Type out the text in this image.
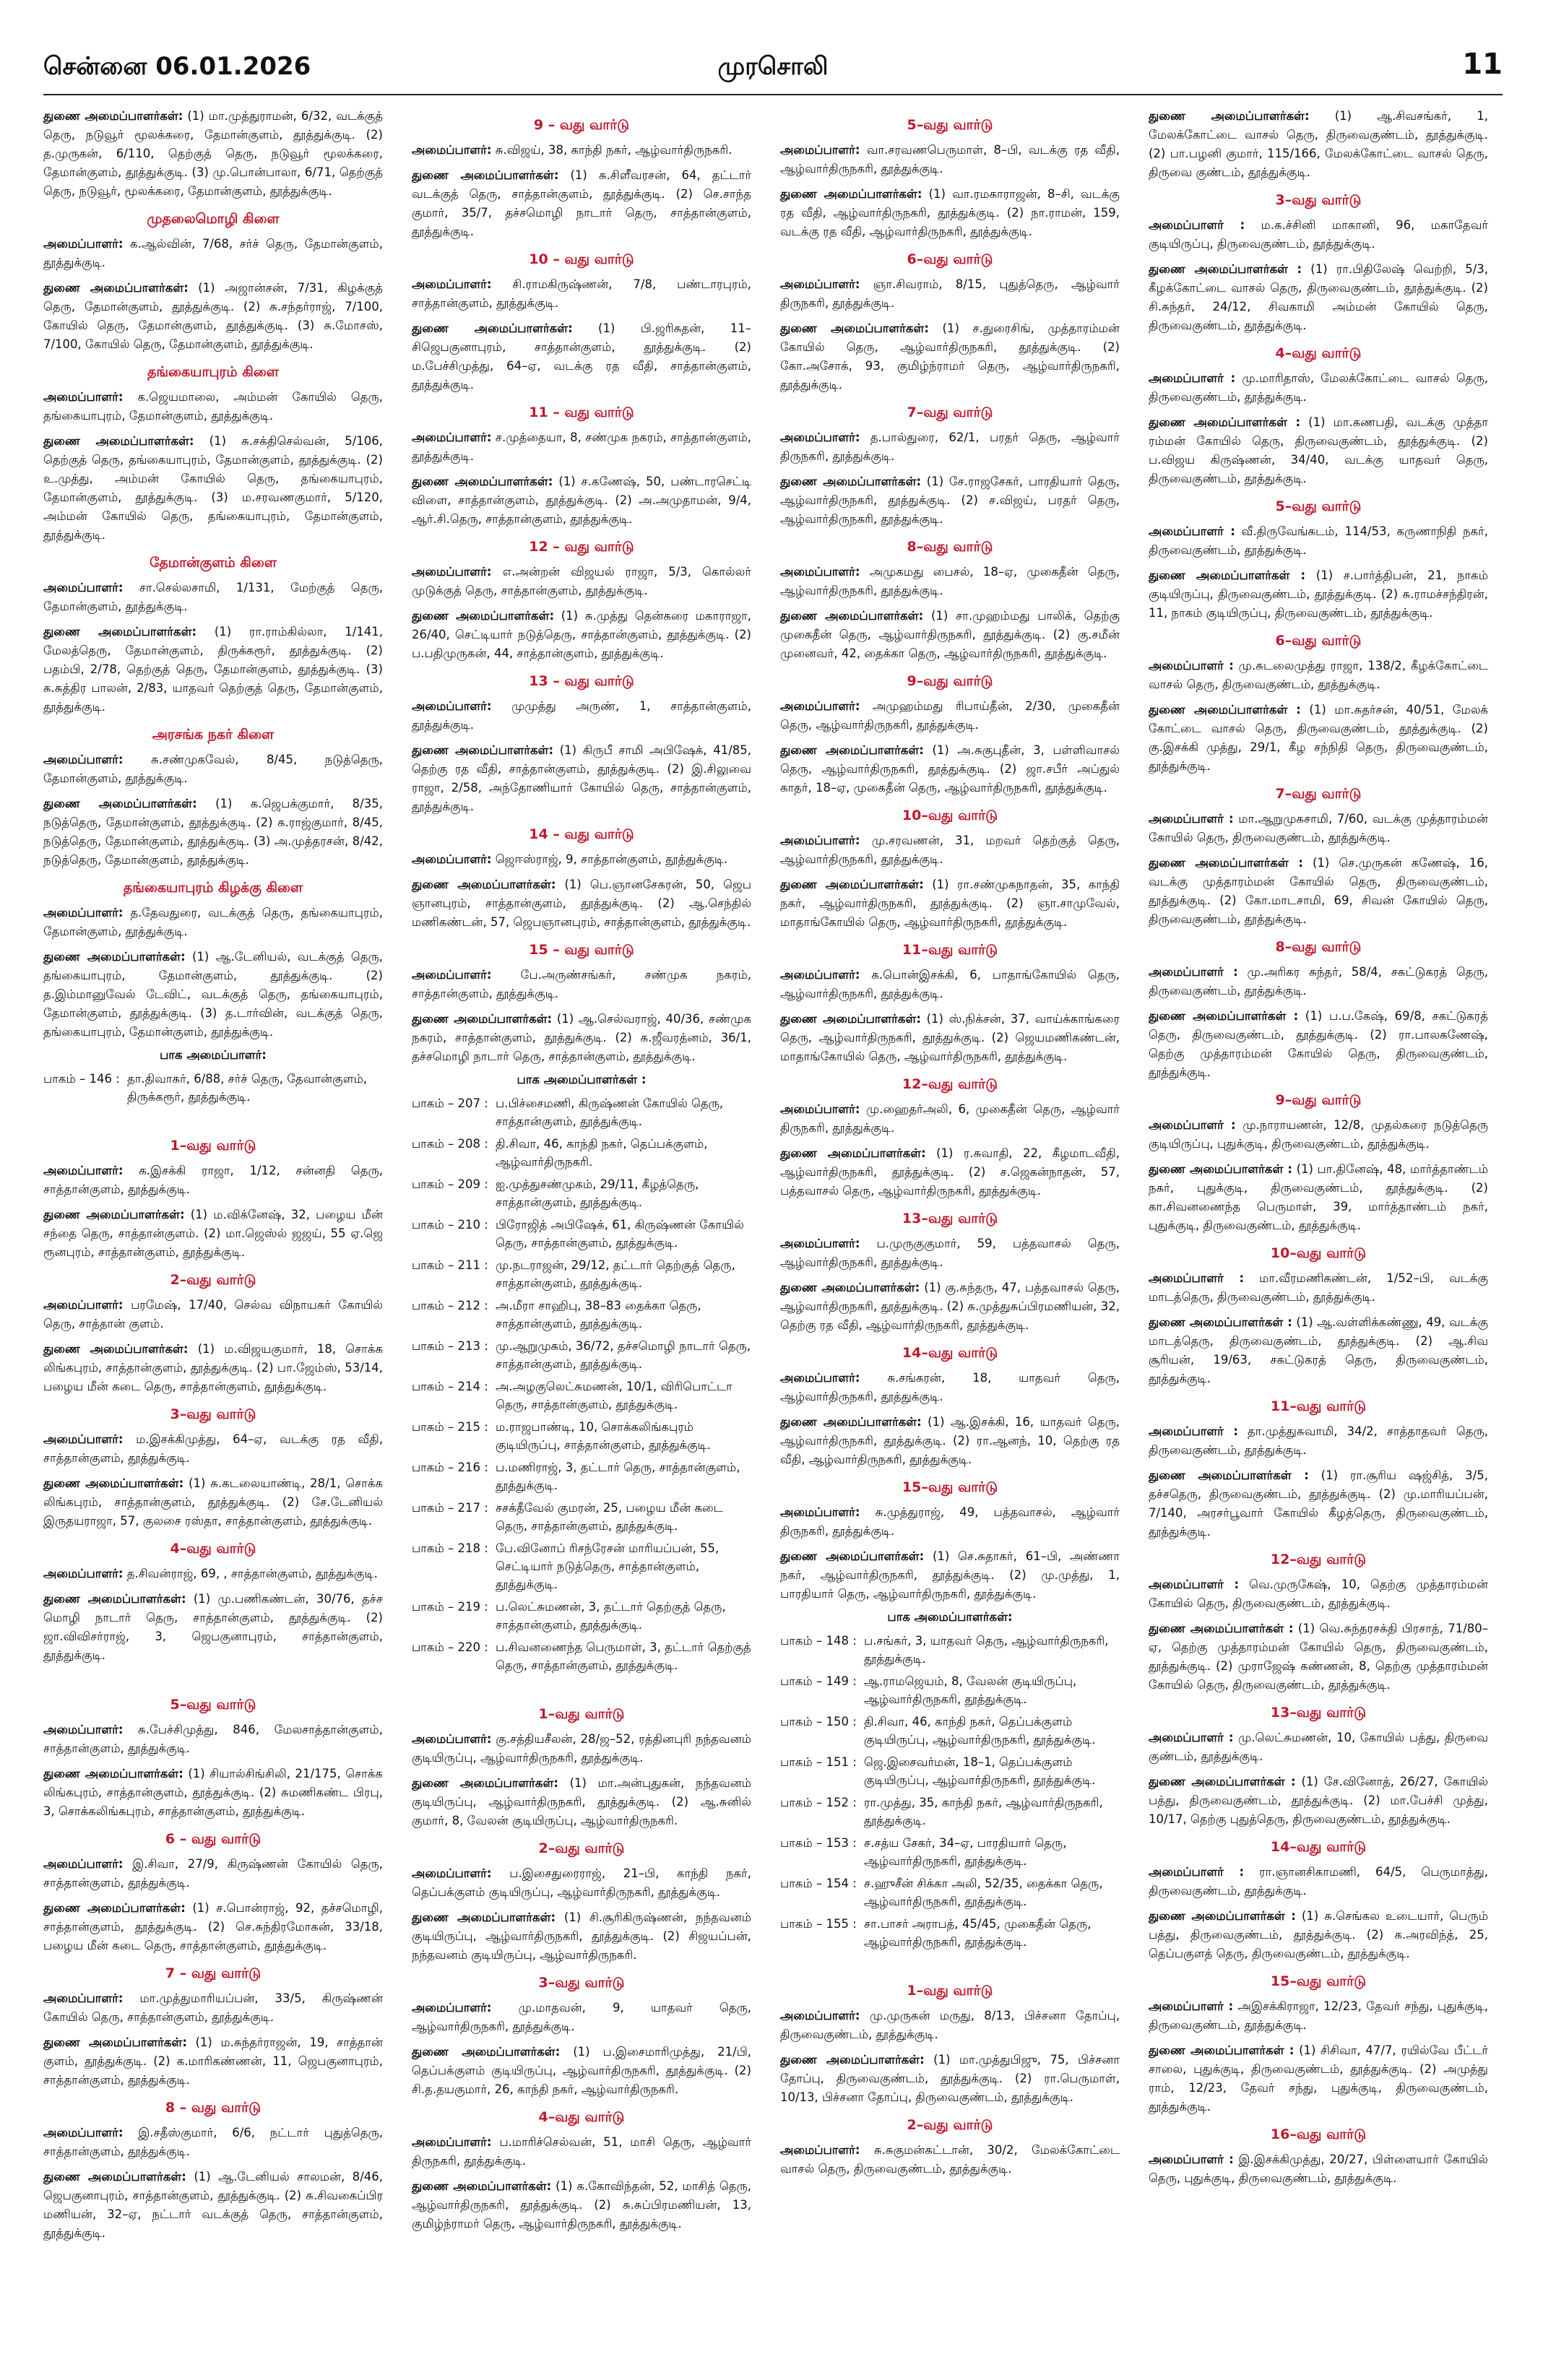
சென்னை 06.01.2026	முரசொலி	11
துணை அமைப்பாளர்கள்: (1) மா.முத்துராமன், 6/32, வடக்குத் தெரு, நடுவூர் மூலக்கரை, தேமான்குளம், தூத்துக்குடி. (2) த.முருகன், 6/110, தெற்குத் தெரு, நடுவூர் மூலக்கரை, தேமான்குளம், தூத்துக்குடி. (3) மு.பொன்பாலா, 6/71, தெற்குத் தெரு, நடுவூர், மூலக்கரை, தேமான்குளம், தூத்துக்குடி.
முதலைமொழி கிளை
அமைப்பாளர்: க.ஆல்வின், 7/68, சர்ச் தெரு, தேமான்குளம், தூத்துக்குடி.
துணை அமைப்பாளர்கள்: (1) அஜான்சன், 7/31, கிழக்குத் தெரு, தேமான்குளம், தூத்துக்குடி. (2) சு.சந்தர்ராஜ், 7/100, கோயில் தெரு, தேமான்குளம், தூத்துக்குடி. (3) சு.மோசஸ், 7/100, கோயில் தெரு, தேமான்குளம், தூத்துக்குடி.
தங்கையாபுரம் கிளை
அமைப்பாளர்: க.ஜெயமாலை, அம்மன் கோயில் தெரு, தங்கையாபுரம், தேமான்குளம், தூத்துக்குடி.
துணை அமைப்பாளர்கள்: (1) சு.சக்திசெல்வன், 5/106, தெற்குத் தெரு, தங்கையாபுரம், தேமான்குளம், தூத்துக்குடி. (2) உ.முத்து, அம்மன் கோயில் தெரு, தங்கையாபுரம், தேமான்குளம், தூத்துக்குடி. (3) ம.சரவணகுமார், 5/120, அம்மன் கோயில் தெரு, தங்கையாபுரம், தேமான்குளம், தூத்துக்குடி.
தேமான்குளம் கிளை
அமைப்பாளர்: சா.செல்லசாமி, 1/131, மேற்குத் தெரு, தேமான்குளம், தூத்துக்குடி.
துணை அமைப்பாளர்கள்: (1) ரா.ராம்கில்லா, 1/141, மேலத்தெரு, தேமான்குளம், திருக்கரூர், தூத்துக்குடி. (2) பதம்பி, 2/78, தெற்குத் தெரு, தேமான்குளம், தூத்துக்குடி. (3) க.சுத்திர பாலன், 2/83, யாதவர் தெற்குத் தெரு, தேமான்குளம், தூத்துக்குடி.
அரசங்க நகர் கிளை
அமைப்பாளர்: சு.சண்முகவேல், 8/45, நடுத்தெரு, தேமான்குளம், தூத்துக்குடி.
துணை அமைப்பாளர்கள்: (1) க.ஜெபக்குமார், 8/35, நடுத்தெரு, தேமான்குளம், தூத்துக்குடி. (2) க.ராஜ்குமார், 8/45, நடுத்தெரு, தேமான்குளம், தூத்துக்குடி. (3) அ.முத்தரசன், 8/42, நடுத்தெரு, தேமான்குளம், தூத்துக்குடி.
தங்கையாபுரம் கிழக்கு கிளை
அமைப்பாளர்: த.தேவதுரை, வடக்குத் தெரு, தங்கையாபுரம், தேமான்குளம், தூத்துக்குடி.
துணை அமைப்பாளர்கள்: (1) ஆ.டேனியல், வடக்குத் தெரு, தங்கையாபுரம், தேமான்குளம், தூத்துக்குடி. (2) த.இம்மானுவேல் டேவிட், வடக்குத் தெரு, தங்கையாபுரம், தேமான்குளம், தூத்துக்குடி. (3) த.டார்வின், வடக்குத் தெரு, தங்கையாபுரம், தேமான்குளம், தூத்துக்குடி.
பாக அமைப்பாளர்:
பாகம் – 146 : தா.திவாகர், 6/88, சர்ச் தெரு, தேவான்குளம், திருக்கரூர், தூத்துக்குடி.
1–வது வார்டு
அமைப்பாளர்: க.இசக்கி ராஜா, 1/12, சன்னதி தெரு, சாத்தான்குளம், தூத்துக்குடி.
துணை அமைப்பாளர்கள்: (1) ம.விக்னேஷ், 32, பழைய மீன் சந்தை தெரு, சாத்தான்குளம். (2) மா.ஜெஸ்ல் ஜஜய், 55 ஏ.ஜெ ரூனபுரம், சாத்தான்குளம், தூத்துக்குடி.
2–வது வார்டு
அமைப்பாளர்: பரமேஷ், 17/40, செல்வ விநாயகர் கோயில் தெரு, சாத்தான் குளம்.
துணை அமைப்பாளர்கள்: (1) ம.விஜயகுமார், 18, சொக்க லிங்கபுரம், சாத்தான்குளம், தூத்துக்குடி. (2) பா.ஜேம்ஸ், 53/14, பழைய மீன் கடை தெரு, சாத்தான்குளம், தூத்துக்குடி.
3–வது வார்டு
அமைப்பாளர்: ம.இசக்கிமுத்து, 64–ஏ, வடக்கு ரத வீதி, சாத்தான்குளம், தூத்துக்குடி.
துணை அமைப்பாளர்கள்: (1) சு.கடலையாண்டி, 28/1, சொக்க லிங்கபுரம், சாத்தான்குளம், தூத்துக்குடி. (2) சே.டேனியல் இருதயராஜா, 57, குலசை ரஸ்தா, சாத்தான்குளம், தூத்துக்குடி.
4–வது வார்டு
அமைப்பாளர்: த.சிவன்ராஜ், 69, , சாத்தான்குளம், தூத்துக்குடி.
துணை அமைப்பாளர்கள்: (1) மு.பணிகண்டன், 30/76, தச்ச மொழி நாடார் தெரு, சாத்தான்குளம், தூத்துக்குடி. (2) ஜா.விவிசர்ராஜ், 3, ஜெபகுனாபுரம், சாத்தான்குளம், தூத்துக்குடி.
5–வது வார்டு
அமைப்பாளர்: சு.பேச்சிமுத்து, 846, மேலசாத்தான்குளம், சாத்தான்குளம், தூத்துக்குடி.
துணை அமைப்பாளர்கள்: (1) சியால்சிங்சிலி, 21/175, சொக்க லிங்கபுரம், சாத்தான்குளம், தூத்துக்குடி. (2) சுமணிகண்ட பிரபு, 3, சொக்கலிங்கபுரம், சாத்தான்குளம், தூத்துக்குடி.
6 – வது வார்டு
அமைப்பாளர்: இ.சிவா, 27/9, கிருஷ்ணன் கோயில் தெரு, சாத்தான்குளம், தூத்துக்குடி.
துணை அமைப்பாளர்கள்: (1) ச.பொன்ராஜ், 92, தச்சமொழி, சாத்தான்குளம், தூத்துக்குடி. (2) செ.சுந்திரமோகன், 33/18, பழைய மீன் கடை தெரு, சாத்தான்குளம், தூத்துக்குடி.
7 – வது வார்டு
அமைப்பாளர்: மா.முத்துமாரியப்பன், 33/5, கிருஷ்ணன் கோயில் தெரு, சாத்தான்குளம், தூத்துக்குடி.
துணை அமைப்பாளர்கள்: (1) ம.சுந்தர்ராஜன், 19, சாத்தான் குளம், தூத்துக்குடி. (2) க.மாரிகண்ணன், 11, ஜெபகுனாபுரம், சாத்தான்குளம், தூத்துக்குடி.
8 – வது வார்டு
அமைப்பாளர்: இ.சதீஸ்குமார், 6/6, நட்டார் புதுத்தெரு, சாத்தான்குளம், தூத்துக்குடி.
துணை அமைப்பாளர்கள்: (1) ஆ.டேனியல் சாலமன், 8/46, ஜெபகுனாபுரம், சாத்தான்குளம், தூத்துக்குடி. (2) சு.சிவகைப்பிர மணியன், 32–ஏ, நட்டார் வடக்குத் தெரு, சாத்தான்குளம், தூத்துக்குடி.
9 – வது வார்டு
அமைப்பாளர்: சு.விஜய், 38, காந்தி நகர், ஆழ்வார்திருநகரி.
துணை அமைப்பாளர்கள்: (1) சு.சிளீவரசன், 64, தட்டார் வடக்குத் தெரு, சாத்தான்குளம், தூத்துக்குடி. (2) செ.சாந்த குமார், 35/7, தச்சமொழி நாடார் தெரு, சாத்தான்குளம், தூத்துக்குடி.
10 – வது வார்டு
அமைப்பாளர்: சி.ராமகிருஷ்ணன், 7/8, பண்டாரபுரம், சாத்தான்குளம், தூத்துக்குடி.
துணை அமைப்பாளர்கள்: (1) பி.ஜரிசுதன், 11–சிஜெபகுனாபுரம், சாத்தான்குளம், தூத்துக்குடி. (2) ம.பேச்சிமுத்து, 64–ஏ, வடக்கு ரத வீதி, சாத்தான்குளம், தூத்துக்குடி.
11 – வது வார்டு
அமைப்பாளர்: ச.முத்தையா, 8, சண்முக நகரம், சாத்தான்குளம், தூத்துக்குடி.
துணை அமைப்பாளர்கள்: (1) ச.கணேஷ், 50, பண்டாரசெட்டி விளை, சாத்தான்குளம், தூத்துக்குடி. (2) அ.அமுதாமன், 9/4, ஆர்.சி.தெரு, சாத்தான்குளம், தூத்துக்குடி.
12 – வது வார்டு
அமைப்பாளர்: எ.அன்றன் விஜயல் ராஜா, 5/3, கொல்லர் முடுக்குத் தெரு, சாத்தான்குளம், தூத்துக்குடி.
துணை அமைப்பாளர்கள்: (1) சு.முத்து தென்கரை மகாராஜா, 26/40, செட்டியார் நடுத்தெரு, சாத்தான்குளம், தூத்துக்குடி. (2) ப.பதிமுருகன், 44, சாத்தான்குளம், தூத்துக்குடி.
13 – வது வார்டு
அமைப்பாளர்: முமுத்து அருண், 1, சாத்தான்குளம், தூத்துக்குடி.
துணை அமைப்பாளர்கள்: (1) கிருபீ சாமி அபிஷேக், 41/85, தெற்கு ரத வீதி, சாத்தான்குளம், தூத்துக்குடி. (2) இ.சிலுவை ராஜா, 2/58, அந்தோணியார் கோயில் தெரு, சாத்தான்குளம், தூத்துக்குடி.
14 – வது வார்டு
அமைப்பாளர்: ஜெஈஸ்ராஜ், 9, சாத்தான்குளம், தூத்துக்குடி.
துணை அமைப்பாளர்கள்: (1) பெ.ஞானசேகரன், 50, ஜெப ஞானபுரம், சாத்தான்குளம், தூத்துக்குடி. (2) ஆ.செந்தில் மணிகண்டன், 57, ஜெபஞானபுரம், சாத்தான்குளம், தூத்துக்குடி.
15 – வது வார்டு
அமைப்பாளர்: பே.அருண்சங்கர், சண்முக நகரம், சாத்தான்குளம், தூத்துக்குடி.
துணை அமைப்பாளர்கள்: (1) ஆ.செல்வராஜ், 40/36, சண்முக நகரம், சாத்தான்குளம், தூத்துக்குடி. (2) க.ஜீவரத்னம், 36/1, தச்சமொழி நாடார் தெரு, சாத்தான்குளம், தூத்துக்குடி.
பாக அமைப்பாளர்கள் :
பாகம் – 207 : ப.பிச்சைமணி, கிருஷ்ணன் கோயில் தெரு, சாத்தான்குளம், தூத்துக்குடி.
பாகம் – 208 : தி.சிவா, 46, காந்தி நகர், தெப்பக்குளம், ஆழ்வார்திருநகரி.
பாகம் – 209 : ஐ.முத்துசண்முகம், 29/11, கீழத்தெரு, சாத்தான்குளம், தூத்துக்குடி.
பாகம் – 210 : பிரோஜித் அபிஷேக், 61, கிருஷ்ணன் கோயில் தெரு, சாத்தான்குளம், தூத்துக்குடி.
பாகம் – 211 : மு.நடராஜன், 29/12, தட்டார் தெற்குத் தெரு, சாத்தான்குளம், தூத்துக்குடி.
பாகம் – 212 : அ.மீரா சாஹிபு, 38–83 தைக்கா தெரு, சாத்தான்குளம், தூத்துக்குடி.
பாகம் – 213 : மு.ஆறுமுகம், 36/72, தச்சமொழி நாடார் தெரு, சாத்தான்குளம், தூத்துக்குடி.
பாகம் – 214 : அ.அழகுலெட்சுமணன், 10/1, விரிபொட்டா தெரு, சாத்தான்குளம், தூத்துக்குடி.
பாகம் – 215 : ம.ராஜபாண்டி, 10, சொக்கலிங்கபுரம் குடியிருப்பு, சாத்தான்குளம், தூத்துக்குடி.
பாகம் – 216 : ப.மணிராஜ், 3, தட்டார் தெரு, சாத்தான்குளம், தூத்துக்குடி.
பாகம் – 217 : சசக்தீவேல் குமரன், 25, பழைய மீன் கடை தெரு, சாத்தான்குளம், தூத்துக்குடி.
பாகம் – 218 : பே.வினோப் ரிசந்ரேசன் மாரியப்பன், 55, செட்டியார் நடுத்தெரு, சாத்தான்குளம், தூத்துக்குடி.
பாகம் – 219 : ப.லெட்சுமணன், 3, தட்டார் தெற்குத் தெரு, சாத்தான்குளம், தூத்துக்குடி.
பாகம் – 220 : ப.சிவனணைந்த பெருமாள், 3, தட்டார் தெற்குத் தெரு, சாத்தான்குளம், தூத்துக்குடி.
1–வது வார்டு
அமைப்பாளர்: கு.சத்தியசீலன், 28/ஜ–52, ரத்தினபுரி நந்தவனம் குடியிருப்பு, ஆழ்வார்திருநகரி, தூத்துக்குடி.
துணை அமைப்பாளர்கள்: (1) மா.அன்புதுகன், நந்தவனம் குடியிருப்பு, ஆழ்வார்திருநகரி, தூத்துக்குடி. (2) ஆ.சுனில் குமார், 8, வேலன் குடியிருப்பு, ஆழ்வார்திருநகரி.
2–வது வார்டு
அமைப்பாளர்: ப.இசைதுரைராஜ், 21–பி, காந்தி நகர், தெப்பக்குளம் குடியிருப்பு, ஆழ்வார்திருநகரி, தூத்துக்குடி.
துணை அமைப்பாளர்கள்: (1) சி.சூரிகிருஷ்ணன், நந்தவனம் குடியிருப்பு, ஆழ்வார்திருநகரி, தூத்துக்குடி. (2) சிஜயப்பன், நந்தவனம் குடியிருப்பு, ஆழ்வார்திருநகரி.
3–வது வார்டு
அமைப்பாளர்: மு.மாதவன், 9, யாதவர் தெரு, ஆழ்வார்திருநகரி, தூத்துக்குடி.
துணை அமைப்பாளர்கள்: (1) ப.இசைமாரிமுத்து, 21/பி, தெப்பக்குளம் குடியிருப்பு, ஆழ்வார்திருநகரி, தூத்துக்குடி. (2) சி.த.தயகுமார், 26, காந்தி நகர், ஆழ்வார்திருநகரி.
4–வது வார்டு
அமைப்பாளர்: ப.மாரிச்செல்வன், 51, மாசி தெரு, ஆழ்வார் திருநகரி, தூத்துக்குடி.
துணை அமைப்பாளர்கள்: (1) க.கோவிந்தன், 52, மாசித் தெரு, ஆழ்வார்திருநகரி, தூத்துக்குடி. (2) சு.சுப்பிரமணியன், 13, குமிழ்ந்ராமர் தெரு, ஆழ்வார்திருநகரி, தூத்துக்குடி.
5–வது வார்டு
அமைப்பாளர்: வா.சரவணபெருமாள், 8–பி, வடக்கு ரத வீதி, ஆழ்வார்திருநகரி, தூத்துக்குடி.
துணை அமைப்பாளர்கள்: (1) வா.ரமகாராஜன், 8–சி, வடக்கு ரத வீதி, ஆழ்வார்திருநகரி, தூத்துக்குடி. (2) நா.ராமன், 159, வடக்கு ரத வீதி, ஆழ்வார்திருநகரி, தூத்துக்குடி.
6–வது வார்டு
அமைப்பாளர்: ஞா.சிவராம், 8/15, புதுத்தெரு, ஆழ்வார் திருநகரி, தூத்துக்குடி.
துணை அமைப்பாளர்கள்: (1) ச.துரைசிங், முத்தாரம்மன் கோயில் தெரு, ஆழ்வார்திருநகரி, தூத்துக்குடி. (2) கோ.அசோக், 93, குமிழ்ந்ராமர் தெரு, ஆழ்வார்திருநகரி, தூத்துக்குடி.
7–வது வார்டு
அமைப்பாளர்: த.பால்துரை, 62/1, பரதர் தெரு, ஆழ்வார் திருநகரி, தூத்துக்குடி.
துணை அமைப்பாளர்கள்: (1) சே.ராஜசேகர், பாரதியார் தெரு, ஆழ்வார்திருநகரி, தூத்துக்குடி. (2) ச.விஜய், பரதர் தெரு, ஆழ்வார்திருநகரி, தூத்துக்குடி.
8–வது வார்டு
அமைப்பாளர்: அமுகமது பைசல், 18–ஏ, முகைதீன் தெரு, ஆழ்வார்திருநகரி, தூத்துக்குடி.
துணை அமைப்பாளர்கள்: (1) சா.முஹம்மது பாலிக், தெற்கு முகைதீன் தெரு, ஆழ்வார்திருநகரி, தூத்துக்குடி. (2) கு.சமீன் முனைவர், 42, தைக்கா தெரு, ஆழ்வார்திருநகரி, தூத்துக்குடி.
9–வது வார்டு
அமைப்பாளர்: அமுஹம்மது ரிபாய்தீன், 2/30, முகைதீன் தெரு, ஆழ்வார்திருநகரி, தூத்துக்குடி.
துணை அமைப்பாளர்கள்: (1) அ.சுகுபுதீன், 3, பள்ளிவாசல் தெரு, ஆழ்வார்திருநகரி, தூத்துக்குடி. (2) ஜா.சபீர் அப்துல் காதர், 18–ஏ, முகைதீன் தெரு, ஆழ்வார்திருநகரி, தூத்துக்குடி.
10–வது வார்டு
அமைப்பாளர்: மு.சரவணன், 31, மறவர் தெற்குத் தெரு, ஆழ்வார்திருநகரி, தூத்துக்குடி.
துணை அமைப்பாளர்கள்: (1) ரா.சண்முகநாதன், 35, காந்தி நகர், ஆழ்வார்திருநகரி, தூத்துக்குடி. (2) ஞா.சாமுவேல், மாதாங்கோயில் தெரு, ஆழ்வார்திருநகரி, தூத்துக்குடி.
11–வது வார்டு
அமைப்பாளர்: க.பொன்இசக்கி, 6, பாதாங்கோயில் தெரு, ஆழ்வார்திருநகரி, தூத்துக்குடி.
துணை அமைப்பாளர்கள்: (1) ஸ்.நிக்சன், 37, வாய்க்காங்கரை தெரு, ஆழ்வார்திருநகரி, தூத்துக்குடி. (2) ஜெயமணிகண்டன், மாதாங்கோயில் தெரு, ஆழ்வார்திருநகரி, தூத்துக்குடி.
12–வது வார்டு
அமைப்பாளர்: மு.ஹைதர்அலி, 6, முகைதீன் தெரு, ஆழ்வார் திருநகரி, தூத்துக்குடி.
துணை அமைப்பாளர்கள்: (1) ர.சுவாதி, 22, கீழமாடவீதி, ஆழ்வார்திருநகரி, தூத்துக்குடி. (2) ச.ஜெகன்நாதன், 57, பத்தவாசல் தெரு, ஆழ்வார்திருநகரி, தூத்துக்குடி.
13–வது வார்டு
அமைப்பாளர்: ப.முருகுகுமார், 59, பத்தவாசல் தெரு, ஆழ்வார்திருநகரி, தூத்துக்குடி.
துணை அமைப்பாளர்கள்: (1) கு.சுந்தரு, 47, பத்தவாசல் தெரு, ஆழ்வார்திருநகரி, தூத்துக்குடி. (2) சு.முத்துசுப்பிரமணியன், 32, தெற்கு ரத வீதி, ஆழ்வார்திருநகரி, தூத்துக்குடி.
14–வது வார்டு
அமைப்பாளர்: சு.சங்கரன், 18, யாதவர் தெரு, ஆழ்வார்திருநகரி, தூத்துக்குடி.
துணை அமைப்பாளர்கள்: (1) ஆ.இசக்கி, 16, யாதவர் தெரு, ஆழ்வார்திருநகரி, தூத்துக்குடி. (2) ரா.ஆனந், 10, தெற்கு ரத வீதி, ஆழ்வார்திருநகரி, தூத்துக்குடி.
15–வது வார்டு
அமைப்பாளர்: சு.முத்துராஜ், 49, பத்தவாசல், ஆழ்வார் திருநகரி, தூத்துக்குடி.
துணை அமைப்பாளர்கள்: (1) செ.சுதாகர், 61–பி, அண்ணா நகர், ஆழ்வார்திருநகரி, தூத்துக்குடி. (2) மு.முத்து, 1, பாரதியார் தெரு, ஆழ்வார்திருநகரி, தூத்துக்குடி.
பாக அமைப்பாளர்கள்:
பாகம் – 148 : ப.சங்கர், 3, யாதவர் தெரு, ஆழ்வார்திருநகரி, தூத்துக்குடி.
பாகம் – 149 : ஆ.ராமஜெயம், 8, வேலன் குடியிருப்பு, ஆழ்வார்திருநகரி, தூத்துக்குடி.
பாகம் – 150 : தி.சிவா, 46, காந்தி நகர், தெப்பக்குளம் குடியிருப்பு, ஆழ்வார்திருநகரி, தூத்துக்குடி.
பாகம் – 151 : ஜெ.இசைவர்மன், 18–1, தெப்பக்குளம் குடியிருப்பு, ஆழ்வார்திருநகரி, தூத்துக்குடி.
பாகம் – 152 : ரா.முத்து, 35, காந்தி நகர், ஆழ்வார்திருநகரி, தூத்துக்குடி.
பாகம் – 153 : ச.சத்ய சேகர், 34–ஏ, பாரதியார் தெரு, ஆழ்வார்திருநகரி, தூத்துக்குடி.
பாகம் – 154 : ச.ஹுசீன் சிக்கா அலி, 52/35, தைக்கா தெரு, ஆழ்வார்திருநகரி, தூத்துக்குடி.
பாகம் – 155 : சா.பாசர் அராபத், 45/45, முகைதீன் தெரு, ஆழ்வார்திருநகரி, தூத்துக்குடி.
1–வது வார்டு
அமைப்பாளர்: மு.முருகன் மருது, 8/13, பிச்சனா தோப்பு, திருவைகுண்டம், தூத்துக்குடி.
துணை அமைப்பாளர்கள்: (1) மா.முத்துபிஜு, 75, பிச்சனா தோப்பு, திருவைகுண்டம், தூத்துக்குடி. (2) ரா.பெருமாள், 10/13, பிச்சனா தோப்பு, திருவைகுண்டம், தூத்துக்குடி.
2–வது வார்டு
அமைப்பாளர்: சு.சுகுமன்கட்டான், 30/2, மேலக்கோட்டை வாசல் தெரு, திருவைகுண்டம், தூத்துக்குடி.
துணை அமைப்பாளர்கள்: (1) ஆ.சிவசங்கர், 1, மேலக்கோட்டை வாசல் தெரு, திருவைகுண்டம், தூத்துக்குடி. (2) பா.பழனி குமார், 115/166, மேலக்கோட்டை வாசல் தெரு, திருவை குண்டம், தூத்துக்குடி.
3–வது வார்டு
அமைப்பாளர் : ம.க.ச்சினி மாகானி, 96, மகாதேவர் குடியிருப்பு, திருவைகுண்டம், தூத்துக்குடி.
துணை அமைப்பாளர்கள் : (1) ரா.பிதிலேஷ் வெற்றி, 5/3, கீழக்கோட்டை வாசல் தெரு, திருவைகுண்டம், தூத்துக்குடி. (2) சி.சுந்தர், 24/12, சிவகாமி அம்மன் கோயில் தெரு, திருவைகுண்டம், தூத்துக்குடி.
4–வது வார்டு
அமைப்பாளர் : மு.மாரிதாஸ், மேலக்கோட்டை வாசல் தெரு, திருவைகுண்டம், தூத்துக்குடி.
துணை அமைப்பாளர்கள் : (1) மா.கணபதி, வடக்கு முத்தா ரம்மன் கோயில் தெரு, திருவைகுண்டம், தூத்துக்குடி. (2) ப.விஜய கிருஷ்ணன், 34/40, வடக்கு யாதவர் தெரு, திருவைகுண்டம், தூத்துக்குடி.
5–வது வார்டு
அமைப்பாளர் : வீ.திருவேங்கடம், 114/53, கருணாநிதி நகர், திருவைகுண்டம், தூத்துக்குடி.
துணை அமைப்பாளர்கள் : (1) ச.பார்த்திபன், 21, நாகம் குடியிருப்பு, திருவைகுண்டம், தூத்துக்குடி. (2) சு.ராமச்சந்திரன், 11, நாகம் குடியிருப்பு, திருவைகுண்டம், தூத்துக்குடி.
6–வது வார்டு
அமைப்பாளர் : மு.சுடலைமுத்து ராஜா, 138/2, கீழக்கோட்டை வாசல் தெரு, திருவைகுண்டம், தூத்துக்குடி.
துணை அமைப்பாளர்கள் : (1) மா.சுதர்சன், 40/51, மேலக் கோட்டை வாசல் தெரு, திருவைகுண்டம், தூத்துக்குடி. (2) கு.இசக்கி முத்து, 29/1, கீழ சந்நிதி தெரு, திருவைகுண்டம், தூத்துக்குடி.
7–வது வார்டு
அமைப்பாளர் : மா.ஆறுமுகசாமி, 7/60, வடக்கு முத்தாரம்மன் கோயில் தெரு, திருவைகுண்டம், தூத்துக்குடி.
துணை அமைப்பாளர்கள் : (1) செ.முருகன் கணேஷ், 16, வடக்கு முத்தாரம்மன் கோயில் தெரு, திருவைகுண்டம், தூத்துக்குடி. (2) கோ.மாடசாமி, 69, சிவன் கோயில் தெரு, திருவைகுண்டம், தூத்துக்குடி.
8–வது வார்டு
அமைப்பாளர் : மு.அரிகர சுந்தர், 58/4, சகட்டுகரத் தெரு, திருவைகுண்டம், தூத்துக்குடி.
துணை அமைப்பாளர்கள் : (1) ப.ப.கேஷ், 69/8, சகட்டுகரத் தெரு, திருவைகுண்டம், தூத்துக்குடி. (2) ரா.பாலகணேஷ், தெற்கு முத்தாரம்மன் கோயில் தெரு, திருவைகுண்டம், தூத்துக்குடி.
9–வது வார்டு
அமைப்பாளர் : மு.நாராயணன், 12/8, முதல்கரை நடுத்தெரு குடியிருப்பு, புதுக்குடி, திருவைகுண்டம், தூத்துக்குடி.
துணை அமைப்பாளர்கள் : (1) பா.தினேஷ், 48, மார்த்தாண்டம் நகர், புதுக்குடி, திருவைகுண்டம், தூத்துக்குடி. (2) கா.சிவனணைந்த பெருமாள், 39, மார்த்தாண்டம் நகர், புதுக்குடி, திருவைகுண்டம், தூத்துக்குடி.
10–வது வார்டு
அமைப்பாளர் : மா.வீரமணிகண்டன், 1/52–பி, வடக்கு மாடத்தெரு, திருவைகுண்டம், தூத்துக்குடி.
துணை அமைப்பாளர்கள் : (1) ஆ.வள்ளிக்கண்ணு, 49, வடக்கு மாடத்தெரு, திருவைகுண்டம், தூத்துக்குடி. (2) ஆ.சிவ சூரியன், 19/63, சகட்டுகரத் தெரு, திருவைகுண்டம், தூத்துக்குடி.
11–வது வார்டு
அமைப்பாளர் : தா.முத்துசுவாமி, 34/2, சாத்தாதவர் தெரு, திருவைகுண்டம், தூத்துக்குடி.
துணை அமைப்பாளர்கள் : (1) ரா.சூரிய ஷஜ்சித், 3/5, தச்சதெரு, திருவைகுண்டம், தூத்துக்குடி. (2) மு.மாரியப்பன், 7/140, அரசர்பூவார் கோயில் கீழத்தெரு, திருவைகுண்டம், தூத்துக்குடி.
12–வது வார்டு
அமைப்பாளர் : வெ.முருகேஷ், 10, தெற்கு முத்தாரம்மன் கோயில் தெரு, திருவைகுண்டம், தூத்துக்குடி.
துணை அமைப்பாளர்கள் : (1) வெ.சுந்தரசக்தி பிரசாத், 71/80–ஏ, தெற்கு முத்தாரம்மன் கோயில் தெரு, திருவைகுண்டம், தூத்துக்குடி. (2) முராஜேஷ் கண்ணன், 8, தெற்கு முத்தாரம்மன் கோயில் தெரு, திருவைகுண்டம், தூத்துக்குடி.
13–வது வார்டு
அமைப்பாளர் : மு.லெட்சுமணன், 10, கோயில் பத்து, திருவை குண்டம், தூத்துக்குடி.
துணை அமைப்பாளர்கள் : (1) சே.வினோத், 26/27, கோயில் பத்து, திருவைகுண்டம், தூத்துக்குடி. (2) மா.பேச்சி முத்து, 10/17, தெற்கு புதுத்தெரு, திருவைகுண்டம், தூத்துக்குடி.
14–வது வார்டு
அமைப்பாளர் : ரா.ஞானசிகாமணி, 64/5, பெருமாத்து, திருவைகுண்டம், தூத்துக்குடி.
துணை அமைப்பாளர்கள் : (1) சு.செங்கல உடையார், பெரும் பத்து, திருவைகுண்டம், தூத்துக்குடி. (2) க.அரவிந்த், 25, தெப்பகுளத் தெரு, திருவைகுண்டம், தூத்துக்குடி.
15–வது வார்டு
அமைப்பாளர் : அஇசக்கிராஜா, 12/23, தேவர் சந்து, புதுக்குடி, திருவைகுண்டம், தூத்துக்குடி.
துணை அமைப்பாளர்கள் : (1) சிசிவா, 47/7, ரயில்வே பீட்டர் சாலை, புதுக்குடி, திருவைகுண்டம், தூத்துக்குடி. (2) அமுத்து ராம், 12/23, தேவர் சந்து, புதுக்குடி, திருவைகுண்டம், தூத்துக்குடி.
16–வது வார்டு
அமைப்பாளர் : இ.இசக்கிமுத்து, 20/27, பிள்ளையார் கோயில் தெரு, புதுக்குடி, திருவைகுண்டம், தூத்துக்குடி.
